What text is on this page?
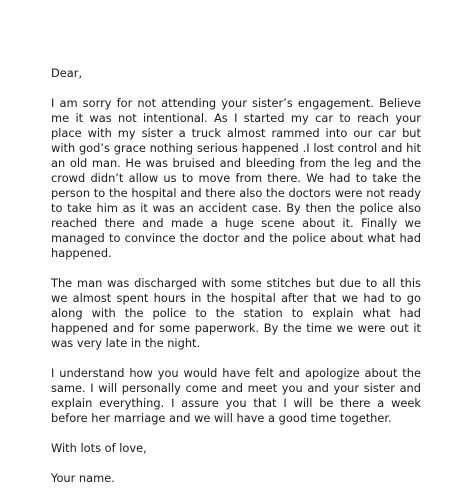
Dear,

I am sorry for not attending your sister’s engagement. Believe me it was not intentional. As I started my car to reach your place with my sister a truck almost rammed into our car but with god’s grace nothing serious happened .I lost control and hit an old man. He was bruised and bleeding from the leg and the crowd didn’t allow us to move from there. We had to take the person to the hospital and there also the doctors were not ready to take him as it was an accident case. By then the police also reached there and made a huge scene about it. Finally we managed to convince the doctor and the police about what had happened.

The man was discharged with some stitches but due to all this we almost spent hours in the hospital after that we had to go along with the police to the station to explain what had happened and for some paperwork. By the time we were out it was very late in the night.

I understand how you would have felt and apologize about the same. I will personally come and meet you and your sister and explain everything. I assure you that I will be there a week before her marriage and we will have a good time together.

With lots of love,

Your name.
